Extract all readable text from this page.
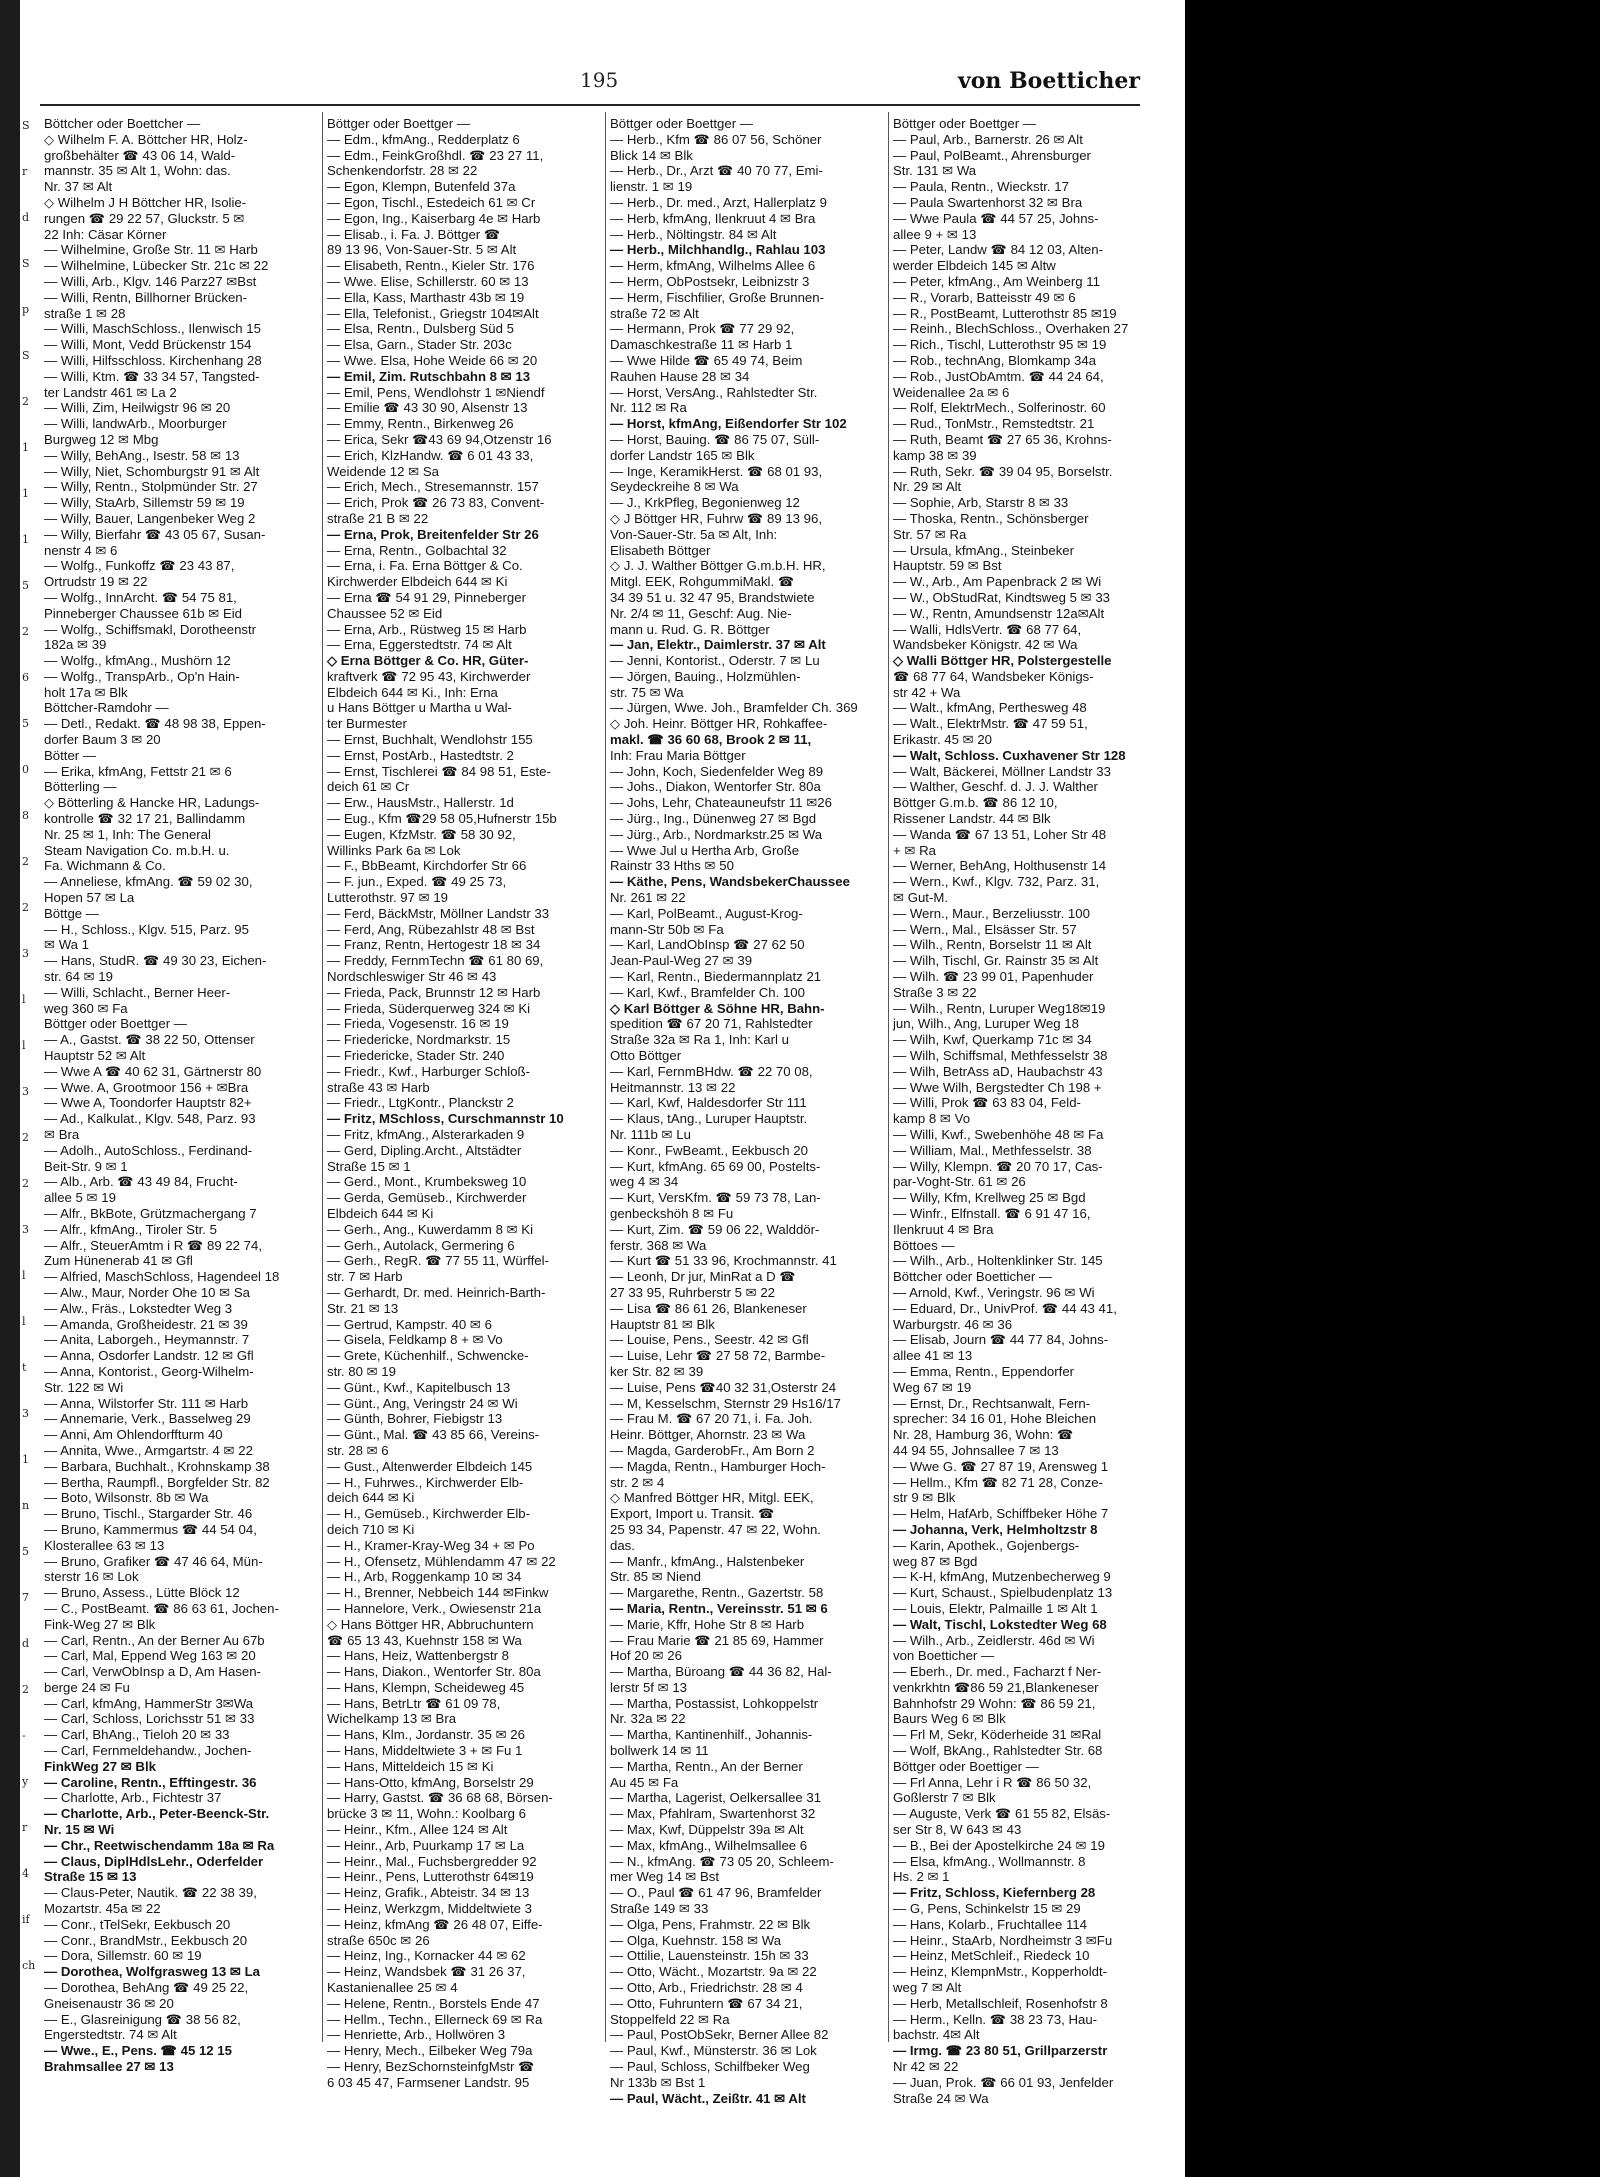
S
r
d
S
p
S
2
1
1
1
5
2
6
5
0
8
2
2
3
l
l
3
2
2
3
l
l
t
3
1
n
5
7
d
2
-
y
r
4
if
ch
195	von Boetticher
Böttcher oder Boettcher —
◇ Wilhelm F. A. Böttcher HR, Holz-
großbehälter ☎ 43 06 14, Wald-
mannstr. 35 ✉ Alt 1, Wohn: das.
Nr. 37 ✉ Alt
◇ Wilhelm J H Böttcher HR, Isolie-
rungen ☎ 29 22 57, Gluckstr. 5 ✉
22 Inh: Cäsar Körner
— Wilhelmine, Große Str. 11 ✉ Harb
— Wilhelmine, Lübecker Str. 21c ✉ 22
— Willi, Arb., Klgv. 146 Parz27 ✉Bst
— Willi, Rentn, Billhorner Brücken-
straße 1 ✉ 28
— Willi, MaschSchloss., Ilenwisch 15
— Willi, Mont, Vedd Brückenstr 154
— Willi, Hilfsschloss. Kirchenhang 28
— Willi, Ktm. ☎ 33 34 57, Tangsted-
ter Landstr 461 ✉ La 2
— Willi, Zim, Heilwigstr 96 ✉ 20
— Willi, landwArb., Moorburger
Burgweg 12 ✉ Mbg
— Willy, BehAng., Isestr. 58 ✉ 13
— Willy, Niet, Schomburgstr 91 ✉ Alt
— Willy, Rentn., Stolpmünder Str. 27
— Willy, StaArb, Sillemstr 59 ✉ 19
— Willy, Bauer, Langenbeker Weg 2
— Willy, Bierfahr ☎ 43 05 67, Susan-
nenstr 4 ✉ 6
— Wolfg., Funkoffz ☎ 23 43 87,
Ortrudstr 19 ✉ 22
— Wolfg., InnArcht. ☎ 54 75 81,
Pinneberger Chaussee 61b ✉ Eid
— Wolfg., Schiffsmakl, Dorotheenstr
182a ✉ 39
— Wolfg., kfmAng., Mushörn 12
— Wolfg., TranspArb., Op'n Hain-
holt 17a ✉ Blk
Böttcher-Ramdohr —
— Detl., Redakt. ☎ 48 98 38, Eppen-
dorfer Baum 3 ✉ 20
Bötter —
— Erika, kfmAng, Fettstr 21 ✉ 6
Bötterling —
◇ Bötterling & Hancke HR, Ladungs-
kontrolle ☎ 32 17 21, Ballindamm
Nr. 25 ✉ 1, Inh: The General
Steam Navigation Co. m.b.H. u.
Fa. Wichmann & Co.
— Anneliese, kfmAng. ☎ 59 02 30,
Hopen 57 ✉ La
Böttge —
— H., Schloss., Klgv. 515, Parz. 95
✉ Wa 1
— Hans, StudR. ☎ 49 30 23, Eichen-
str. 64 ✉ 19
— Willi, Schlacht., Berner Heer-
weg 360 ✉ Fa
Böttger oder Boettger —
— A., Gastst. ☎ 38 22 50, Ottenser
Hauptstr 52 ✉ Alt
— Wwe A ☎ 40 62 31, Gärtnerstr 80
— Wwe. A, Grootmoor 156 + ✉Bra
— Wwe A, Toondorfer Hauptstr 82+
— Ad., Kalkulat., Klgv. 548, Parz. 93
✉ Bra
— Adolh., AutoSchloss., Ferdinand-
Beit-Str. 9 ✉ 1
— Alb., Arb. ☎ 43 49 84, Frucht-
allee 5 ✉ 19
— Alfr., BkBote, Grützmachergang 7
— Alfr., kfmAng., Tiroler Str. 5
— Alfr., SteuerAmtm i R ☎ 89 22 74,
Zum Hünenerab 41 ✉ Gfl
— Alfried, MaschSchloss, Hagendeel 18
— Alw., Maur, Norder Ohe 10 ✉ Sa
— Alw., Fräs., Lokstedter Weg 3
— Amanda, Großheidestr. 21 ✉ 39
— Anita, Laborgeh., Heymannstr. 7
— Anna, Osdorfer Landstr. 12 ✉ Gfl
— Anna, Kontorist., Georg-Wilhelm-
Str. 122 ✉ Wi
— Anna, Wilstorfer Str. 111 ✉ Harb
— Annemarie, Verk., Basselweg 29
— Anni, Am Ohlendorffturm 40
— Annita, Wwe., Armgartstr. 4 ✉ 22
— Barbara, Buchhalt., Krohnskamp 38
— Bertha, Raumpfl., Borgfelder Str. 82
— Boto, Wilsonstr. 8b ✉ Wa
— Bruno, Tischl., Stargarder Str. 46
— Bruno, Kammermus ☎ 44 54 04,
Klosterallee 63 ✉ 13
— Bruno, Grafiker ☎ 47 46 64, Mün-
sterstr 16 ✉ Lok
— Bruno, Assess., Lütte Blöck 12
— C., PostBeamt. ☎ 86 63 61, Jochen-
Fink-Weg 27 ✉ Blk
— Carl, Rentn., An der Berner Au 67b
— Carl, Mal, Eppend Weg 163 ✉ 20
— Carl, VerwObInsp a D, Am Hasen-
berge 24 ✉ Fu
— Carl, kfmAng, HammerStr 3✉Wa
— Carl, Schloss, Lorichsstr 51 ✉ 33
— Carl, BhAng., Tieloh 20 ✉ 33
— Carl, Fernmeldehandw., Jochen-
FinkWeg 27 ✉ Blk
— Caroline, Rentn., Efftingestr. 36
— Charlotte, Arb., Fichtestr 37
— Charlotte, Arb., Peter-Beenck-Str.
Nr. 15 ✉ Wi
— Chr., Reetwischendamm 18a ✉ Ra
— Claus, DiplHdlsLehr., Oderfelder
Straße 15 ✉ 13
— Claus-Peter, Nautik. ☎ 22 38 39,
Mozartstr. 45a ✉ 22
— Conr., tTelSekr, Eekbusch 20
— Conr., BrandMstr., Eekbusch 20
— Dora, Sillemstr. 60 ✉ 19
— Dorothea, Wolfgrasweg 13 ✉ La
— Dorothea, BehAng ☎ 49 25 22,
Gneisenaustr 36 ✉ 20
— E., Glasreinigung ☎ 38 56 82,
Engerstedtstr. 74 ✉ Alt
— Wwe., E., Pens. ☎ 45 12 15
Brahmsallee 27 ✉ 13
Böttger oder Boettger —
— Edm., kfmAng., Redderplatz 6
— Edm., FeinkGroßhdl. ☎ 23 27 11,
Schenkendorfstr. 28 ✉ 22
— Egon, Klempn, Butenfeld 37a
— Egon, Tischl., Estedeich 61 ✉ Cr
— Egon, Ing., Kaiserbarg 4e ✉ Harb
— Elisab., i. Fa. J. Böttger ☎
89 13 96, Von-Sauer-Str. 5 ✉ Alt
— Elisabeth, Rentn., Kieler Str. 176
— Wwe. Elise, Schillerstr. 60 ✉ 13
— Ella, Kass, Marthastr 43b ✉ 19
— Ella, Telefonist., Griegstr 104✉Alt
— Elsa, Rentn., Dulsberg Süd 5
— Elsa, Garn., Stader Str. 203c
— Wwe. Elsa, Hohe Weide 66 ✉ 20
— Emil, Zim. Rutschbahn 8 ✉ 13
— Emil, Pens, Wendlohstr 1 ✉Niendf
— Emilie ☎ 43 30 90, Alsenstr 13
— Emmy, Rentn., Birkenweg 26
— Erica, Sekr ☎43 69 94,Otzenstr 16
— Erich, KlzHandw. ☎ 6 01 43 33,
Weidende 12 ✉ Sa
— Erich, Mech., Stresemannstr. 157
— Erich, Prok ☎ 26 73 83, Convent-
straße 21 B ✉ 22
— Erna, Prok, Breitenfelder Str 26
— Erna, Rentn., Golbachtal 32
— Erna, i. Fa. Erna Böttger & Co.
Kirchwerder Elbdeich 644 ✉ Ki
— Erna ☎ 54 91 29, Pinneberger
Chaussee 52 ✉ Eid
— Erna, Arb., Rüstweg 15 ✉ Harb
— Erna, Eggerstedtstr. 74 ✉ Alt
◇ Erna Böttger & Co. HR, Güter-
kraftverk ☎ 72 95 43, Kirchwerder
Elbdeich 644 ✉ Ki., Inh: Erna
u Hans Böttger u Martha u Wal-
ter Burmester
— Ernst, Buchhalt, Wendlohstr 155
— Ernst, PostArb., Hastedtstr. 2
— Ernst, Tischlerei ☎ 84 98 51, Este-
deich 61 ✉ Cr
— Erw., HausMstr., Hallerstr. 1d
— Eug., Kfm ☎29 58 05,Hufnerstr 15b
— Eugen, KfzMstr. ☎ 58 30 92,
Willinks Park 6a ✉ Lok
— F., BbBeamt, Kirchdorfer Str 66
— F. jun., Exped. ☎ 49 25 73,
Lutterothstr. 97 ✉ 19
— Ferd, BäckMstr, Möllner Landstr 33
— Ferd, Ang, Rübezahlstr 48 ✉ Bst
— Franz, Rentn, Hertogestr 18 ✉ 34
— Freddy, FernmTechn ☎ 61 80 69,
Nordschleswiger Str 46 ✉ 43
— Frieda, Pack, Brunnstr 12 ✉ Harb
— Frieda, Süderquerweg 324 ✉ Ki
— Frieda, Vogesenstr. 16 ✉ 19
— Friedericke, Nordmarkstr. 15
— Friedericke, Stader Str. 240
— Friedr., Kwf., Harburger Schloß-
straße 43 ✉ Harb
— Friedr., LtgKontr., Planckstr 2
— Fritz, MSchloss, Curschmannstr 10
— Fritz, kfmAng., Alsterarkaden 9
— Gerd, Dipling.Archt., Altstädter
Straße 15 ✉ 1
— Gerd., Mont., Krumbeksweg 10
— Gerda, Gemüseb., Kirchwerder
Elbdeich 644 ✉ Ki
— Gerh., Ang., Kuwerdamm 8 ✉ Ki
— Gerh., Autolack, Germering 6
— Gerh., RegR. ☎ 77 55 11, Würffel-
str. 7 ✉ Harb
— Gerhardt, Dr. med. Heinrich-Barth-
Str. 21 ✉ 13
— Gertrud, Kampstr. 40 ✉ 6
— Gisela, Feldkamp 8 + ✉ Vo
— Grete, Küchenhilf., Schwencke-
str. 80 ✉ 19
— Günt., Kwf., Kapitelbusch 13
— Günt., Ang, Veringstr 24 ✉ Wi
— Günth, Bohrer, Fiebigstr 13
— Günt., Mal. ☎ 43 85 66, Vereins-
str. 28 ✉ 6
— Gust., Altenwerder Elbdeich 145
— H., Fuhrwes., Kirchwerder Elb-
deich 644 ✉ Ki
— H., Gemüseb., Kirchwerder Elb-
deich 710 ✉ Ki
— H., Kramer-Kray-Weg 34 + ✉ Po
— H., Ofensetz, Mühlendamm 47 ✉ 22
— H., Arb, Roggenkamp 10 ✉ 34
— H., Brenner, Nebbeich 144 ✉Finkw
— Hannelore, Verk., Owiesenstr 21a
◇ Hans Böttger HR, Abbruchuntern
☎ 65 13 43, Kuehnstr 158 ✉ Wa
— Hans, Heiz, Wattenbergstr 8
— Hans, Diakon., Wentorfer Str. 80a
— Hans, Klempn, Scheideweg 45
— Hans, BetrLtr ☎ 61 09 78,
Wichelkamp 13 ✉ Bra
— Hans, Klm., Jordanstr. 35 ✉ 26
— Hans, Middeltwiete 3 + ✉ Fu 1
— Hans, Mitteldeich 15 ✉ Ki
— Hans-Otto, kfmAng, Borselstr 29
— Harry, Gastst. ☎ 36 68 68, Börsen-
brücke 3 ✉ 11, Wohn.: Koolbarg 6
— Heinr., Kfm., Allee 124 ✉ Alt
— Heinr., Arb, Puurkamp 17 ✉ La
— Heinr., Mal., Fuchsbergredder 92
— Heinr., Pens, Lutterothstr 64✉19
— Heinz, Grafik., Abteistr. 34 ✉ 13
— Heinz, Werkzgm, Middeltwiete 3
— Heinz, kfmAng ☎ 26 48 07, Eiffe-
straße 650c ✉ 26
— Heinz, Ing., Kornacker 44 ✉ 62
— Heinz, Wandsbek ☎ 31 26 37,
Kastanienallee 25 ✉ 4
— Helene, Rentn., Borstels Ende 47
— Hellm., Techn., Ellerneck 69 ✉ Ra
— Henriette, Arb., Hollwören 3
— Henry, Mech., Eilbeker Weg 79a
— Henry, BezSchornsteinfgMstr ☎
6 03 45 47, Farmsener Landstr. 95
Böttger oder Boettger —
— Herb., Kfm ☎ 86 07 56, Schöner
Blick 14 ✉ Blk
— Herb., Dr., Arzt ☎ 40 70 77, Emi-
lienstr. 1 ✉ 19
— Herb., Dr. med., Arzt, Hallerplatz 9
— Herb, kfmAng, Ilenkruut 4 ✉ Bra
— Herb., Nöltingstr. 84 ✉ Alt
— Herb., Milchhandlg., Rahlau 103
— Herm, kfmAng, Wilhelms Allee 6
— Herm, ObPostsekr, Leibnizstr 3
— Herm, Fischfilier, Große Brunnen-
straße 72 ✉ Alt
— Hermann, Prok ☎ 77 29 92,
Damaschkestraße 11 ✉ Harb 1
— Wwe Hilde ☎ 65 49 74, Beim
Rauhen Hause 28 ✉ 34
— Horst, VersAng., Rahlstedter Str.
Nr. 112 ✉ Ra
— Horst, kfmAng, Eißendorfer Str 102
— Horst, Bauing. ☎ 86 75 07, Süll-
dorfer Landstr 165 ✉ Blk
— Inge, KeramikHerst. ☎ 68 01 93,
Seydeckreihe 8 ✉ Wa
— J., KrkPfleg, Begonienweg 12
◇ J Böttger HR, Fuhrw ☎ 89 13 96,
Von-Sauer-Str. 5a ✉ Alt, Inh:
Elisabeth Böttger
◇ J. J. Walther Böttger G.m.b.H. HR,
Mitgl. EEK, RohgummiMakl. ☎
34 39 51 u. 32 47 95, Brandstwiete
Nr. 2/4 ✉ 11, Geschf: Aug. Nie-
mann u. Rud. G. R. Böttger
— Jan, Elektr., Daimlerstr. 37 ✉ Alt
— Jenni, Kontorist., Oderstr. 7 ✉ Lu
— Jörgen, Bauing., Holzmühlen-
str. 75 ✉ Wa
— Jürgen, Wwe. Joh., Bramfelder Ch. 369
◇ Joh. Heinr. Böttger HR, Rohkaffee-
makl. ☎ 36 60 68, Brook 2 ✉ 11,
Inh: Frau Maria Böttger
— John, Koch, Siedenfelder Weg 89
— Johs., Diakon, Wentorfer Str. 80a
— Johs, Lehr, Chateauneufstr 11 ✉26
— Jürg., Ing., Dünenweg 27 ✉ Bgd
— Jürg., Arb., Nordmarkstr.25 ✉ Wa
— Wwe Jul u Hertha Arb, Große
Rainstr 33 Hths ✉ 50
— Käthe, Pens, WandsbekerChaussee
Nr. 261 ✉ 22
— Karl, PolBeamt., August-Krog-
mann-Str 50b ✉ Fa
— Karl, LandObInsp ☎ 27 62 50
Jean-Paul-Weg 27 ✉ 39
— Karl, Rentn., Biedermannplatz 21
— Karl, Kwf., Bramfelder Ch. 100
◇ Karl Böttger & Söhne HR, Bahn-
spedition ☎ 67 20 71, Rahlstedter
Straße 32a ✉ Ra 1, Inh: Karl u
Otto Böttger
— Karl, FernmBHdw. ☎ 22 70 08,
Heitmannstr. 13 ✉ 22
— Karl, Kwf, Haldesdorfer Str 111
— Klaus, tAng., Luruper Hauptstr.
Nr. 111b ✉ Lu
— Konr., FwBeamt., Eekbusch 20
— Kurt, kfmAng. 65 69 00, Postelts-
weg 4 ✉ 34
— Kurt, VersKfm. ☎ 59 73 78, Lan-
genbeckshöh 8 ✉ Fu
— Kurt, Zim. ☎ 59 06 22, Walddör-
ferstr. 368 ✉ Wa
— Kurt ☎ 51 33 96, Krochmannstr. 41
— Leonh, Dr jur, MinRat a D ☎
27 33 95, Ruhrberstr 5 ✉ 22
— Lisa ☎ 86 61 26, Blankeneser
Hauptstr 81 ✉ Blk
— Louise, Pens., Seestr. 42 ✉ Gfl
— Luise, Lehr ☎ 27 58 72, Barmbe-
ker Str. 82 ✉ 39
— Luise, Pens ☎40 32 31,Osterstr 24
— M, Kesselschm, Sternstr 29 Hs16/17
— Frau M. ☎ 67 20 71, i. Fa. Joh.
Heinr. Böttger, Ahornstr. 23 ✉ Wa
— Magda, GarderobFr., Am Born 2
— Magda, Rentn., Hamburger Hoch-
str. 2 ✉ 4
◇ Manfred Böttger HR, Mitgl. EEK,
Export, Import u. Transit. ☎
25 93 34, Papenstr. 47 ✉ 22, Wohn.
das.
— Manfr., kfmAng., Halstenbeker
Str. 85 ✉ Niend
— Margarethe, Rentn., Gazertstr. 58
— Maria, Rentn., Vereinsstr. 51 ✉ 6
— Marie, Kffr, Hohe Str 8 ✉ Harb
— Frau Marie ☎ 21 85 69, Hammer
Hof 20 ✉ 26
— Martha, Büroang ☎ 44 36 82, Hal-
lerstr 5f ✉ 13
— Martha, Postassist, Lohkoppelstr
Nr. 32a ✉ 22
— Martha, Kantinenhilf., Johannis-
bollwerk 14 ✉ 11
— Martha, Rentn., An der Berner
Au 45 ✉ Fa
— Martha, Lagerist, Oelkersallee 31
— Max, Pfahlram, Swartenhorst 32
— Max, Kwf, Düppelstr 39a ✉ Alt
— Max, kfmAng., Wilhelmsallee 6
— N., kfmAng. ☎ 73 05 20, Schleem-
mer Weg 14 ✉ Bst
— O., Paul ☎ 61 47 96, Bramfelder
Straße 149 ✉ 33
— Olga, Pens, Frahmstr. 22 ✉ Blk
— Olga, Kuehnstr. 158 ✉ Wa
— Ottilie, Lauensteinstr. 15h ✉ 33
— Otto, Wächt., Mozartstr. 9a ✉ 22
— Otto, Arb., Friedrichstr. 28 ✉ 4
— Otto, Fuhruntern ☎ 67 34 21,
Stoppelfeld 22 ✉ Ra
— Paul, PostObSekr, Berner Allee 82
— Paul, Kwf., Münsterstr. 36 ✉ Lok
— Paul, Schloss, Schilfbeker Weg
Nr 133b ✉ Bst 1
— Paul, Wächt., Zeißtr. 41 ✉ Alt
Böttger oder Boettger —
— Paul, Arb., Barnerstr. 26 ✉ Alt
— Paul, PolBeamt., Ahrensburger
Str. 131 ✉ Wa
— Paula, Rentn., Wieckstr. 17
— Paula Swartenhorst 32 ✉ Bra
— Wwe Paula ☎ 44 57 25, Johns-
allee 9 + ✉ 13
— Peter, Landw ☎ 84 12 03, Alten-
werder Elbdeich 145 ✉ Altw
— Peter, kfmAng., Am Weinberg 11
— R., Vorarb, Batteisstr 49 ✉ 6
— R., PostBeamt, Lutterothstr 85 ✉19
— Reinh., BlechSchloss., Overhaken 27
— Rich., Tischl, Lutterothstr 95 ✉ 19
— Rob., technAng, Blomkamp 34a
— Rob., JustObAmtm. ☎ 44 24 64,
Weidenallee 2a ✉ 6
— Rolf, ElektrMech., Solferinostr. 60
— Rud., TonMstr., Remstedtstr. 21
— Ruth, Beamt ☎ 27 65 36, Krohns-
kamp 38 ✉ 39
— Ruth, Sekr. ☎ 39 04 95, Borselstr.
Nr. 29 ✉ Alt
— Sophie, Arb, Starstr 8 ✉ 33
— Thoska, Rentn., Schönsberger
Str. 57 ✉ Ra
— Ursula, kfmAng., Steinbeker
Hauptstr. 59 ✉ Bst
— W., Arb., Am Papenbrack 2 ✉ Wi
— W., ObStudRat, Kindtsweg 5 ✉ 33
— W., Rentn, Amundsenstr 12a✉Alt
— Walli, HdlsVertr. ☎ 68 77 64,
Wandsbeker Königstr. 42 ✉ Wa
◇ Walli Böttger HR, Polstergestelle
☎ 68 77 64, Wandsbeker Königs-
str 42 + Wa
— Walt., kfmAng, Perthesweg 48
— Walt., ElektrMstr. ☎ 47 59 51,
Erikastr. 45 ✉ 20
— Walt, Schloss. Cuxhavener Str 128
— Walt, Bäckerei, Möllner Landstr 33
— Walther, Geschf. d. J. J. Walther
Böttger G.m.b. ☎ 86 12 10,
Rissener Landstr. 44 ✉ Blk
— Wanda ☎ 67 13 51, Loher Str 48
+ ✉ Ra
— Werner, BehAng, Holthusenstr 14
— Wern., Kwf., Klgv. 732, Parz. 31,
✉ Gut-M.
— Wern., Maur., Berzeliusstr. 100
— Wern., Mal., Elsässer Str. 57
— Wilh., Rentn, Borselstr 11 ✉ Alt
— Wilh, Tischl, Gr. Rainstr 35 ✉ Alt
— Wilh. ☎ 23 99 01, Papenhuder
Straße 3 ✉ 22
— Wilh., Rentn, Luruper Weg18✉19
jun, Wilh., Ang, Luruper Weg 18
— Wilh, Kwf, Querkamp 71c ✉ 34
— Wilh, Schiffsmal, Methfesselstr 38
— Wilh, BetrAss aD, Haubachstr 43
— Wwe Wilh, Bergstedter Ch 198 +
— Willi, Prok ☎ 63 83 04, Feld-
kamp 8 ✉ Vo
— Willi, Kwf., Swebenhöhe 48 ✉ Fa
— William, Mal., Methfesselstr. 38
— Willy, Klempn. ☎ 20 70 17, Cas-
par-Voght-Str. 61 ✉ 26
— Willy, Kfm, Krellweg 25 ✉ Bgd
— Winfr., Elfnstall. ☎ 6 91 47 16,
Ilenkruut 4 ✉ Bra
Böttoes —
— Wilh., Arb., Holtenklinker Str. 145
Böttcher oder Boetticher —
— Arnold, Kwf., Veringstr. 96 ✉ Wi
— Eduard, Dr., UnivProf. ☎ 44 43 41,
Warburgstr. 46 ✉ 36
— Elisab, Journ ☎ 44 77 84, Johns-
allee 41 ✉ 13
— Emma, Rentn., Eppendorfer
Weg 67 ✉ 19
— Ernst, Dr., Rechtsanwalt, Fern-
sprecher: 34 16 01, Hohe Bleichen
Nr. 28, Hamburg 36, Wohn: ☎
44 94 55, Johnsallee 7 ✉ 13
— Wwe G. ☎ 27 87 19, Arensweg 1
— Hellm., Kfm ☎ 82 71 28, Conze-
str 9 ✉ Blk
— Helm, HafArb, Schiffbeker Höhe 7
— Johanna, Verk, Helmholtzstr 8
— Karin, Apothek., Gojenbergs-
weg 87 ✉ Bgd
— K-H, kfmAng, Mutzenbecherweg 9
— Kurt, Schaust., Spielbudenplatz 13
— Louis, Elektr, Palmaille 1 ✉ Alt 1
— Walt, Tischl, Lokstedter Weg 68
— Wilh., Arb., Zeidlerstr. 46d ✉ Wi
von Boetticher —
— Eberh., Dr. med., Facharzt f Ner-
venkrkhtn ☎86 59 21,Blankeneser
Bahnhofstr 29 Wohn: ☎ 86 59 21,
Baurs Weg 6 ✉ Blk
— Frl M, Sekr, Köderheide 31 ✉Ral
— Wolf, BkAng., Rahlstedter Str. 68
Böttger oder Boettiger —
— Frl Anna, Lehr i R ☎ 86 50 32,
Goßlerstr 7 ✉ Blk
— Auguste, Verk ☎ 61 55 82, Elsäs-
ser Str 8, W 643 ✉ 43
— B., Bei der Apostelkirche 24 ✉ 19
— Elsa, kfmAng., Wollmannstr. 8
Hs. 2 ✉ 1
— Fritz, Schloss, Kiefernberg 28
— G, Pens, Schinkelstr 15 ✉ 29
— Hans, Kolarb., Fruchtallee 114
— Heinr., StaArb, Nordheimstr 3 ✉Fu
— Heinz, MetSchleif., Riedeck 10
— Heinz, KlempnMstr., Kopperholdt-
weg 7 ✉ Alt
— Herb, Metallschleif, Rosenhofstr 8
— Herm., Kelln. ☎ 38 23 73, Hau-
bachstr. 4✉ Alt
— Irmg. ☎ 23 80 51, Grillparzerstr
Nr 42 ✉ 22
— Juan, Prok. ☎ 66 01 93, Jenfelder
Straße 24 ✉ Wa
